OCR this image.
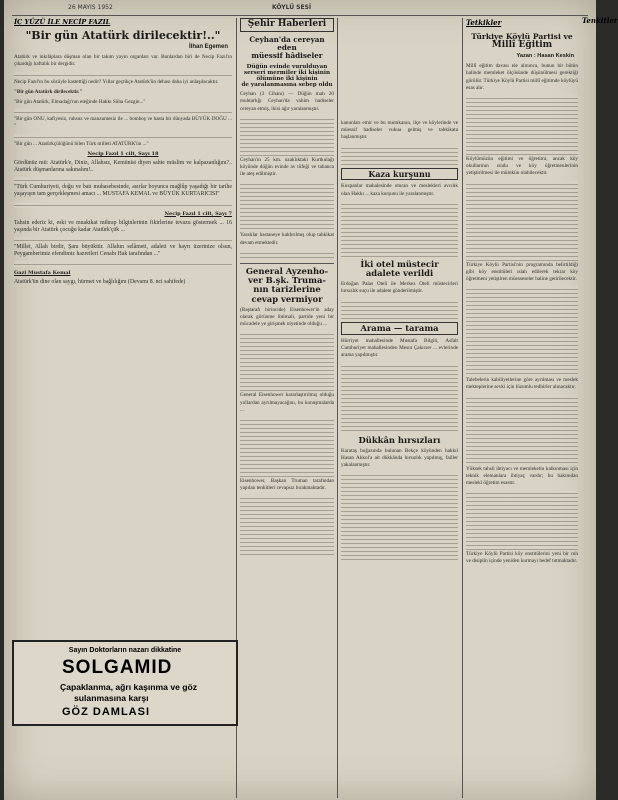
26 MAYIS 1952	KÖYLÜ SESİ
İÇ YÜZÜ İLE NECİP FAZIL
"Bir gün Atatürk dirilecektir!.."
İlhan Egemen

Atatürk ve inkılâplara düşman olan bir takım yayın organları var. Bunlardan biri de Necip Fazıl'ın çıkardığı haftalık bir dergidir.

Necip Fazıl'ın bu sözüyle kastettiği nedir? Yıllar geçtikçe Atatürk'ün dehası daha iyi anlaşılacaktır.

"Bir gün Atatürk dirilecektir."

"Bir gün Atatürk, Elmadağı'nın eteğinde Hakkı Süha Gezgin..."

"Bir gün ONU, kafiyesiz, ruhsuz ve manzumesiz ile ... bomboş ve hasta bir dünyada BÜYÜK DOĞU ... "

"Bir gün ... Atatürkçülüğünü bilen Türk milleti ATATÜRK'ün ..."

Necip Fazıl 1 cilt, Sayı 18

Gördünüz mü: Atatürk'e, Diniz, Allahsız, Kemünist diyen sahte müslim ve kalpazanlığını?.. Atatürk düşmanlarına sakınalım!..

"Türk Cumhuriyeti, doğu ve batı muhasebesinde, asırlar boyunca mağlûp yaşadığı bir tarihe yaşayışın tam gerçekleşmesi amacı ... MUSTAFA KEMAL ve BÜYÜK KURTARICISI"

Necip Fazıl 1 cilt, Sayı 7

Tahsin ederiz ki, eski ve muaktkat mihrap bilginlerinin fikirlerine tevazu göstermek ... 16 yaşında bir Atatürk çocuğu kadar Atatürk'çük ...

"Millet, Allah birdir, Şanı büyüktür. Allahın selâmeti, adaleti ve hayrı üzerinize olsun, Peygamberimiz efendimiz hazretleri Cenabı Hak tarafından ..."

Gazi Mustafa Kemal

Atatürk'ün dine olan saygı, hürmet ve bağlılığını (Devamı 8. nci sahifede)

Sayın Doktorların nazarı dikkatine
SOLGAMID
Çapaklanma, ağrı kaşınma ve göz
sulanmasına karşı
GÖZ DAMLASI
Şehir Haberleri
Ceyhan'da cereyan eden
müessif hâdiseler
Düğün evinde vurulduyan serseri mermiler iki kişinin ölümüne iki kişinin
de yaralanmasına sebep oldu

Ceyhan (3 Cihanı) — Düğün mah 20 muhtarlığı Ceyhan'da vahim hadiseler cereyan etmiş, ikisi ağır yaralanmıştır.

Ceyhan'ın 25 km. uzaklıktaki Kurtkulağı köyünde düğün evinde av tüfeği ve tabanca ile ateş edilmiştir.

Yaralılar hastaneye kaldırılmış olup tahkikat devam etmektedir.

General Ayzenho-
ver B.şk. Truma-
nın tarizlerine
cevap vermiyor

(Baştarafı birincide) Eisenhower'in aday olarak görünme ihtimali, partide yeni bir mücadele ye girişmek niyetinde olduğu ...

General Eisenhower kararlaştırılmış olduğu yollardan ayrılmayacağını, bu konuşmalarda ...

Eisenhower, Başkan Truman tarafından yapılan tenkitleri cevapsız bırakmaktadır.

kanunları emir ve bu mıntıkanın, ilçe ve köylerinde ve müessif hadiseler vukua gelmiş ve tahkikata başlanmıştır.

Kaza kurşunu

Kozpanlar mahalesinde oturan ve meslekleri avcılık olan Hakkı ... kaza kurşunu ile yaralanmıştır.

İki otel müstecir
adalete verildi

Erdoğan Palas Oteli ile Merkez Oteli müstecirleri hırsızlık suçu ile adalete gönderilmiştir.

Arama — tarama

Hürriyet mahallesinde Mustafa Bilgili, Asfalt Cumhuriyet mahallesinden Mesut Çakıcıer ... evlerinde arama yapılmıştır.

Dükkân hırsızları

Karataş boğazında bulunan Bekçe köyünden hakkıl Hasan Akkol'a ait dükkânda hırsızlık yapılmış, failler yakalanmıştır.

Tetkikler
Türkiye Köylü Partisi ve
Millî Eğitim
Yazan : Hasan Keskin

Millî eğitim davası ele alınınca, bunun bir bütün halinde memleket ölçüsünde düşünülmesi gerektiği görülür. Türkiye Köylü Partisi millî eğitimde köylüyü esas alır.

Köylümüzün eğitimi ve öğretimi, ancak köy okullarının ıslahı ve köy öğretmenlerinin yetiştirilmesi ile mümkün olabilecektir.

Türkiye Köylü Partisi'nin programında belirtildiği gibi köy enstitüleri ıslah edilerek tekrar köy öğretmeni yetiştiren müesseseler haline getirilecektir.

Talebelerin kabiliyetlerine göre ayrılması ve meslek mekteplerine sevki için lüzumlu tedbirler alınacaktır.

Yüksek tahsil ihtiyacı ve memleketin kalkınması için teknik elemanlara ihtiyaç vardır; bu bakımdan meslekî öğretim esastır.

Türkiye Köylü Partisi köy enstitülerini yeni bir ruh ve disiplin içinde yeniden kurmayı hedef tutmaktadır.

Tenkitler
